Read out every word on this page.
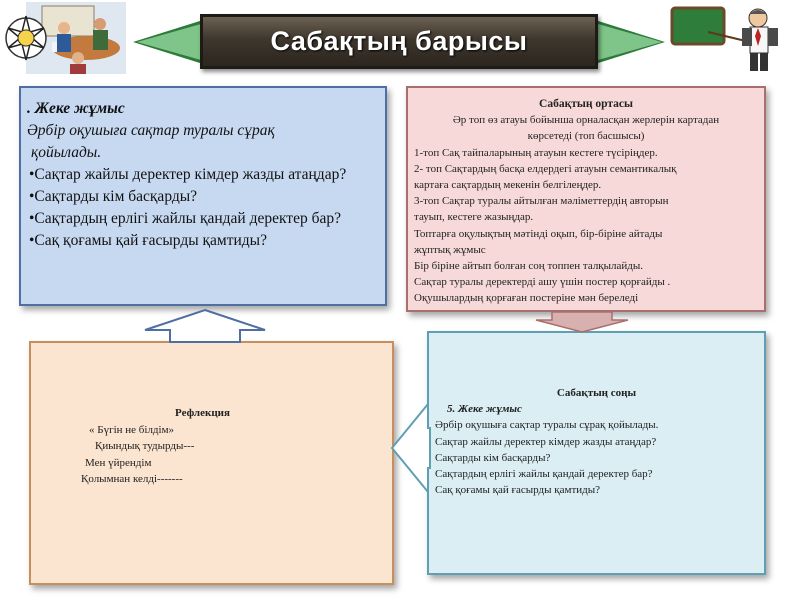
Сабақтың барысы
. Жеке жұмыс
Әрбір оқушыға сақтар туралы сұрақ
қойылады.
•Сақтар жайлы деректер кімдер жазды атаңдар?
•Сақтарды кім басқарды?
•Сақтардың ерлігі жайлы қандай деректер бар?
•Сақ қоғамы қай ғасырды қамтиды?
Сабақтың ортасы
Әр топ өз атауы бойынша орналасқан жерлерін картадан
көрсетеді (топ басшысы)
1-топ Сақ тайпаларының атауын кестеге түсіріңдер.
2- топ Сақтардың басқа елдердегі атауын семантикалық
картаға сақтардың мекенін белгілеңдер.
3-топ Сақтар туралы айтылған мәліметтердің авторын
тауып, кестеге жазыңдар.
Топтарға оқулықтың мәтінді оқып, бір-біріне айтады
жұптық жұмыс
Бір біріне айтып болған соң топпен талқылайды.
Сақтар туралы деректерді ашу үшін постер қорғайды .
Оқушылардың қорғаған постеріне мән береледі
Рефлекция
« Бүгін не білдім»
Қиындық тудырды---
Мен үйрендім
Қолымнан келді-------
Сабақтың соңы
5. Жеке жұмыс
Әрбір оқушыға сақтар туралы сұрақ қойылады.
Сақтар жайлы деректер кімдер жазды атаңдар?
Сақтарды кім басқарды?
Сақтардың ерлігі жайлы қандай деректер бар?
Сақ қоғамы қай ғасырды қамтиды?
